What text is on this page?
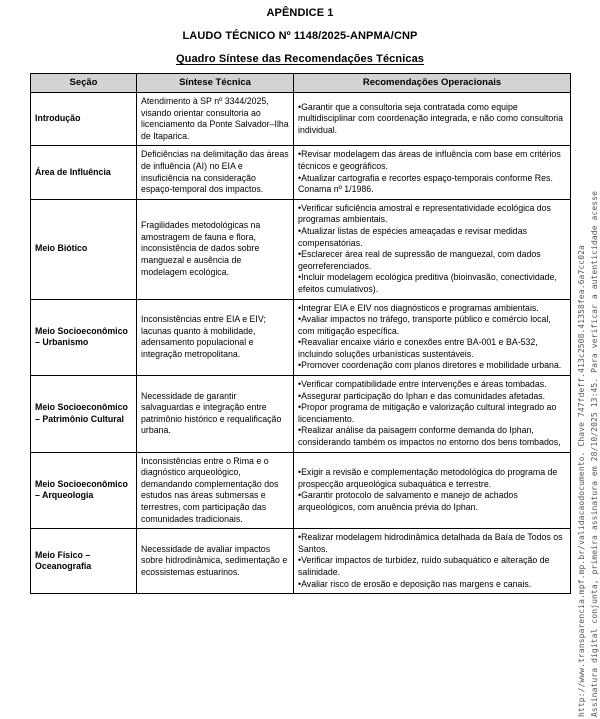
APÊNDICE 1
LAUDO TÉCNICO Nº 1148/2025-ANPMA/CNP
Quadro Síntese das Recomendações Técnicas
Seção	Síntese Técnica	Recomendações Operacionais
Introdução	Atendimento à SP nº 3344/2025, visando orientar consultoria ao licenciamento da Ponte Salvador–Ilha de Itaparica.	• Garantir que a consultoria seja contratada como equipe multidisciplinar com coordenação integrada, e não como consultoria individual.

Área de Influência	Deficiências na delimitação das áreas de influência (AI) no EIA e insuficiência na consideração espaço-temporal dos impactos.	• Revisar modelagem das áreas de influência com base em critérios técnicos e geográficos.
• Atualizar cartografia e recortes espaço-temporais conforme Res. Conama nº 1/1986.

Meio Biótico	Fragilidades metodológicas na amostragem de fauna e flora, inconsistência de dados sobre manguezal e ausência de modelagem ecológica.	• Verificar suficiência amostral e representatividade ecológica dos programas ambientais.
• Atualizar listas de espécies ameaçadas e revisar medidas compensatórias.
• Esclarecer área real de supressão de manguezal, com dados georreferenciados.
• Incluir modelagem ecológica preditiva (bioinvasão, conectividade, efeitos cumulativos).

Meio Socioeconômico – Urbanismo	Inconsistências entre EIA e EIV; lacunas quanto à mobilidade, adensamento populacional e integração metropolitana.	• Integrar EIA e EIV nos diagnósticos e programas ambientais.
• Avaliar impactos no tráfego, transporte público e comércio local, com mitigação específica.
• Reavaliar encaixe viário e conexões entre BA-001 e BA-532, incluindo soluções urbanísticas sustentáveis.
• Promover coordenação com planos diretores e mobilidade urbana.

Meio Socioeconômico – Patrimônio Cultural	Necessidade de garantir salvaguardas e integração entre patrimônio histórico e requalificação urbana.	• Verificar compatibilidade entre intervenções e áreas tombadas.
• Assegurar participação do Iphan e das comunidades afetadas.
• Propor programa de mitigação e valorização cultural integrado ao licenciamento.
• Realizar análise da paisagem conforme demanda do Iphan, considerando também os impactos no entorno dos bens tombados,

Meio Socioeconômico – Arqueologia	Inconsistências entre o Rima e o diagnóstico arqueológico, demandando complementação dos estudos nas áreas submersas e terrestres, com participação das comunidades tradicionais.	• Exigir a revisão e complementação metodológica do programa de prospecção arqueológica subaquática e terrestre.
• Garantir protocolo de salvamento e manejo de achados arqueológicos, com anuência prévia do Iphan.

Meio Físico – Oceanografia	Necessidade de avaliar impactos sobre hidrodinâmica, sedimentação e ecossistemas estuarinos.	• Realizar modelagem hidrodinâmica detalhada da Baía de Todos os Santos.
• Verificar impactos de turbidez, ruído subaquático e alteração de salinidade.
• Avaliar risco de erosão e deposição nas margens e canais.	Assinatura digital conjunta, primeira assinatura em 28/10/2025 13:45. Para verificar a autenticidade acesse
http://www.transparencia.mpf.mp.br/validacaodocumento. Chave 747fdeff.413c2508.41358fea.6a7cc02a
